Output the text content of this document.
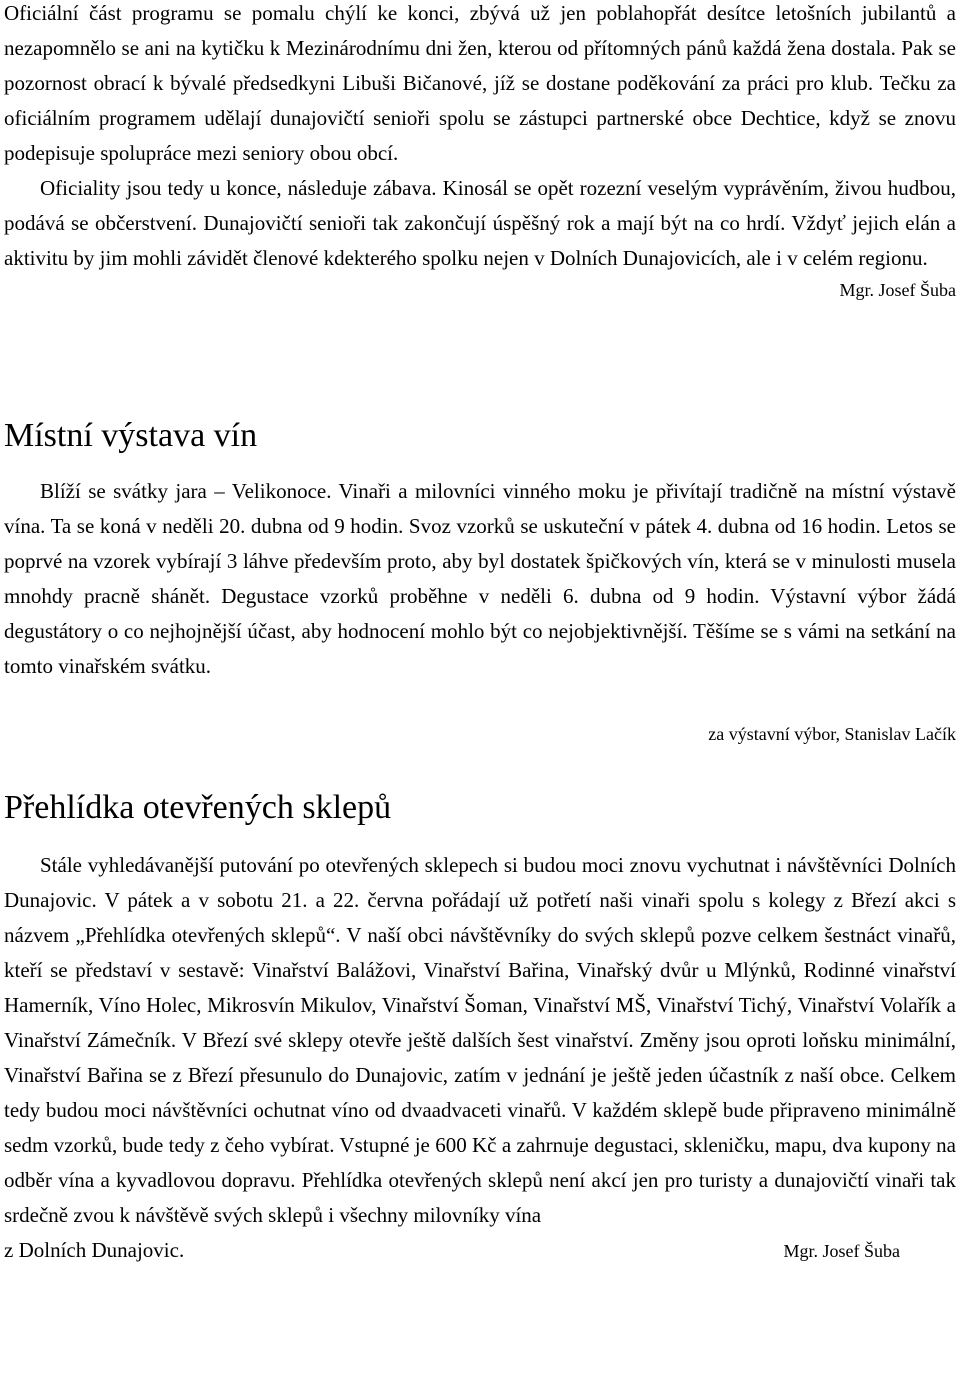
Oficiální část programu se pomalu chýlí ke konci, zbývá už jen poblahopřát desítce letošních jubilantů a nezapomnělo se ani na kytičku k Mezinárodnímu dni žen, kterou od přítomných pánů každá žena dostala. Pak se pozornost obrací k bývalé předsedkyni Libuši Bičanové, jíž se dostane poděkování za práci pro klub. Tečku za oficiálním programem udělají dunajovičtí senioři spolu se zástupci partnerské obce Dechtice, když se znovu podepisuje spolupráce mezi seniory obou obcí.

Oficiality jsou tedy u konce, následuje zábava. Kinosál se opět rozezní veselým vyprávěním, živou hudbou, podává se občerstvení. Dunajovičtí senioři tak zakončují úspěšný rok a mají být na co hrdí. Vždyť jejich elán a aktivitu by jim mohli závidět členové kdekterého spolku nejen v Dolních Dunajovicích, ale i v celém regionu.

Mgr. Josef Šuba

Místní výstava vín

Blíží se svátky jara – Velikonoce. Vinaři a milovníci vinného moku je přivítají tradičně na místní výstavě vína. Ta se koná v neděli 20. dubna od 9 hodin. Svoz vzorků se uskuteční v pátek 4. dubna od 16 hodin. Letos se poprvé na vzorek vybírají 3 láhve především proto, aby byl dostatek špičkových vín, která se v minulosti musela mnohdy pracně shánět. Degustace vzorků proběhne v neděli 6. dubna od 9 hodin. Výstavní výbor žádá degustátory o co nejhojnější účast, aby hodnocení mohlo být co nejobjektivnější. Těšíme se s vámi na setkání na tomto vinařském svátku.

za výstavní výbor, Stanislav Lačík

Přehlídka otevřených sklepů

Stále vyhledávanější putování po otevřených sklepech si budou moci znovu vychutnat i návštěvníci Dolních Dunajovic. V pátek a v sobotu 21. a 22. června pořádají už potřetí naši vinaři spolu s kolegy z Březí akci s názvem „Přehlídka otevřených sklepů“. V naší obci návštěvníky do svých sklepů pozve celkem šestnáct vinařů, kteří se představí v sestavě: Vinařství Balážovi, Vinařství Bařina, Vinařský dvůr u Mlýnků, Rodinné vinařství Hamerník, Víno Holec, Mikrosvín Mikulov, Vinařství Šoman, Vinařství MŠ, Vinařství Tichý, Vinařství Volařík a Vinařství Zámečník. V Březí své sklepy otevře ještě dalších šest vinařství. Změny jsou oproti loňsku minimální, Vinařství Bařina se z Březí přesunulo do Dunajovic, zatím v jednání je ještě jeden účastník z naší obce. Celkem tedy budou moci návštěvníci ochutnat víno od dvaadvaceti vinařů. V každém sklepě bude připraveno minimálně sedm vzorků, bude tedy z čeho vybírat. Vstupné je 600 Kč a zahrnuje degustaci, skleničku, mapu, dva kupony na odběr vína a kyvadlovou dopravu. Přehlídka otevřených sklepů není akcí jen pro turisty a dunajovičtí vinaři tak srdečně zvou k návštěvě svých sklepů i všechny milovníky vína

z Dolních Dunajovic.	Mgr. Josef Šuba
